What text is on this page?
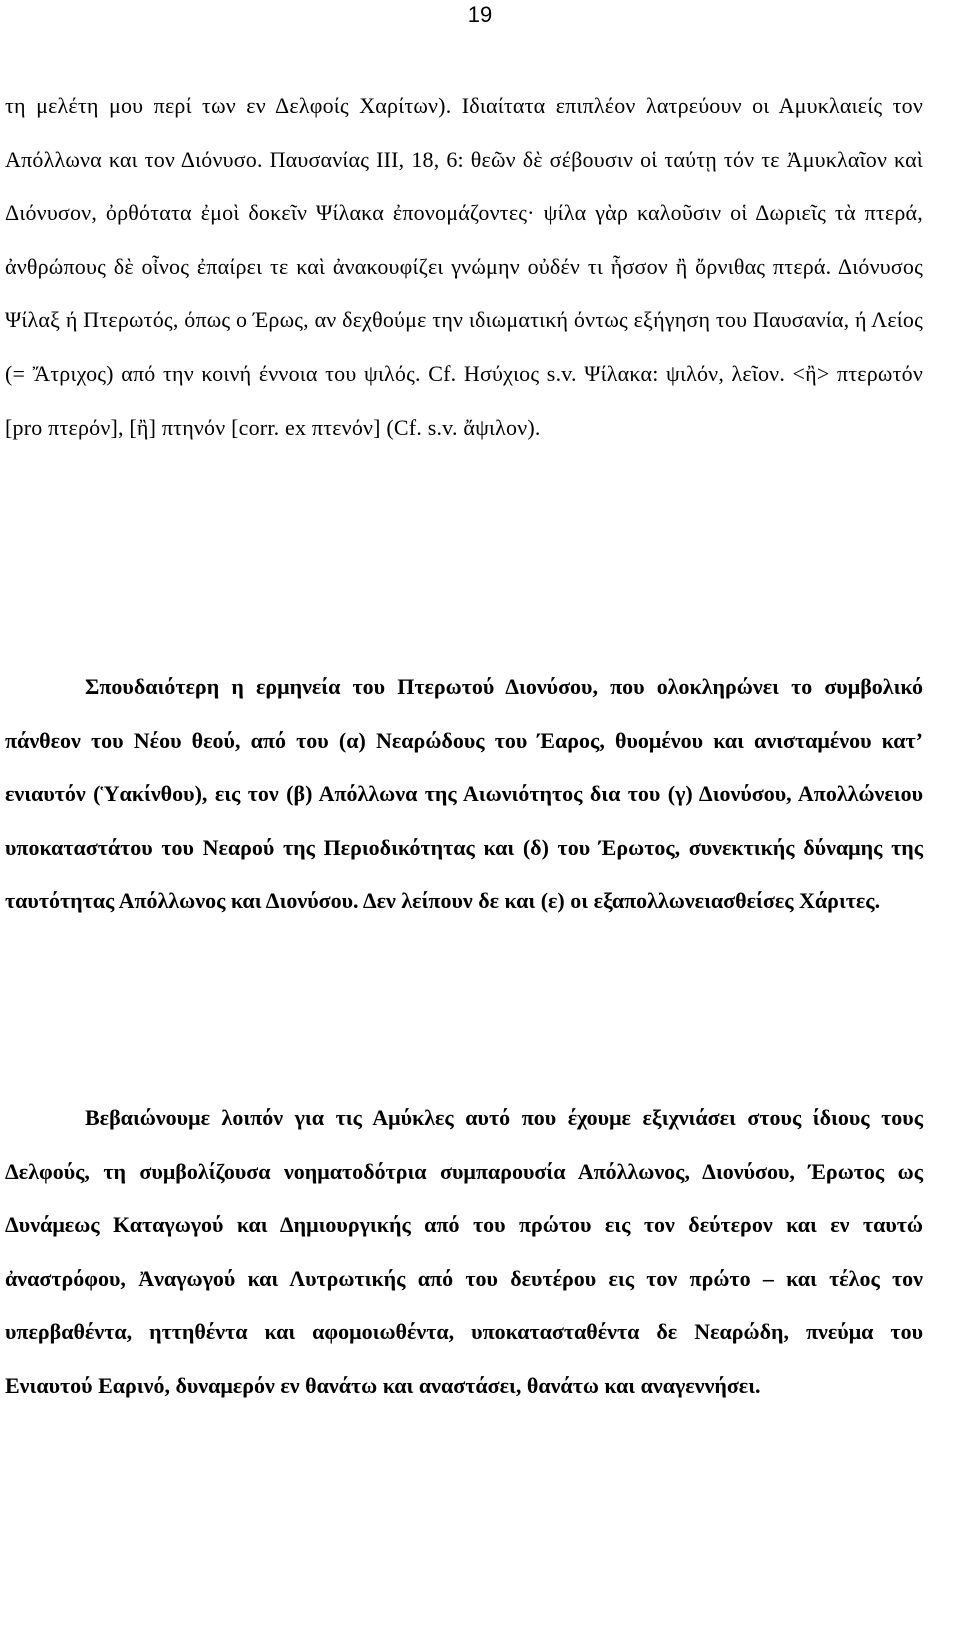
19

τη μελέτη μου περί των εν Δελφοίς Χαρίτων). Ιδιαίτατα επιπλέον λατρεύουν οι Αμυκλαιείς τον Απόλλωνα και τον Διόνυσο. Παυσανίας ΙΙΙ, 18, 6: θεῶν δὲ σέβουσιν οἱ ταύτῃ τόν τε Ἀμυκλαῖον καὶ Διόνυσον, ὀρθότατα ἐμοὶ δοκεῖν Ψίλακα ἐπονομάζοντες· ψίλα γὰρ καλοῦσιν οἱ Δωριεῖς τὰ πτερά, ἀνθρώπους δὲ οἶνος ἐπαίρει τε καὶ ἀνακουφίζει γνώμην οὐδέν τι ἧσσον ἢ ὄρνιθας πτερά. Διόνυσος Ψίλαξ ή Πτερωτός, όπως ο Έρως, αν δεχθούμε την ιδιωματική όντως εξήγηση του Παυσανία, ή Λείος (= Ἄτριχος) από την κοινή έννοια του ψιλός. Cf. Ησύχιος s.v. Ψίλακα: ψιλόν, λεῖον. <ἢ> πτερωτόν [pro πτερόν], [ἢ] πτηνόν [corr. ex πτενόν] (Cf. s.v. ἄψιλον).

Σπουδαιότερη η ερμηνεία του Πτερωτού Διονύσου, που ολοκληρώνει το συμβολικό πάνθεον του Νέου θεού, από του (α) Νεαρώδους του Έαρος, θυομένου και ανισταμένου κατ’ ενιαυτόν (Ὑακίνθου), εις τον (β) Απόλλωνα της Αιωνιότητος δια του (γ) Διονύσου, Απολλώνειου υποκαταστάτου του Νεαρού της Περιοδικότητας και (δ) του Έρωτος, συνεκτικής δύναμης της ταυτότητας Απόλλωνος και Διονύσου. Δεν λείπουν δε και (ε) οι εξαπολλωνειασθείσες Χάριτες.

Βεβαιώνουμε λοιπόν για τις Αμύκλες αυτό που έχουμε εξιχνιάσει στους ίδιους τους Δελφούς, τη συμβολίζουσα νοηματοδότρια συμπαρουσία Απόλλωνος, Διονύσου, Έρωτος ως Δυνάμεως Καταγωγού και Δημιουργικής από του πρώτου εις τον δεύτερον και εν ταυτώ ἀναστρόφου, Ἀναγωγού και Λυτρωτικής από του δευτέρου εις τον πρώτο – και τέλος τον υπερβαθέντα, ηττηθέντα και αφομοιωθέντα, υποκατασταθέντα δε Νεαρώδη, πνεύμα του Ενιαυτού Εαρινό, δυναμερόν εν θανάτω και αναστάσει, θανάτω και αναγεννήσει.
